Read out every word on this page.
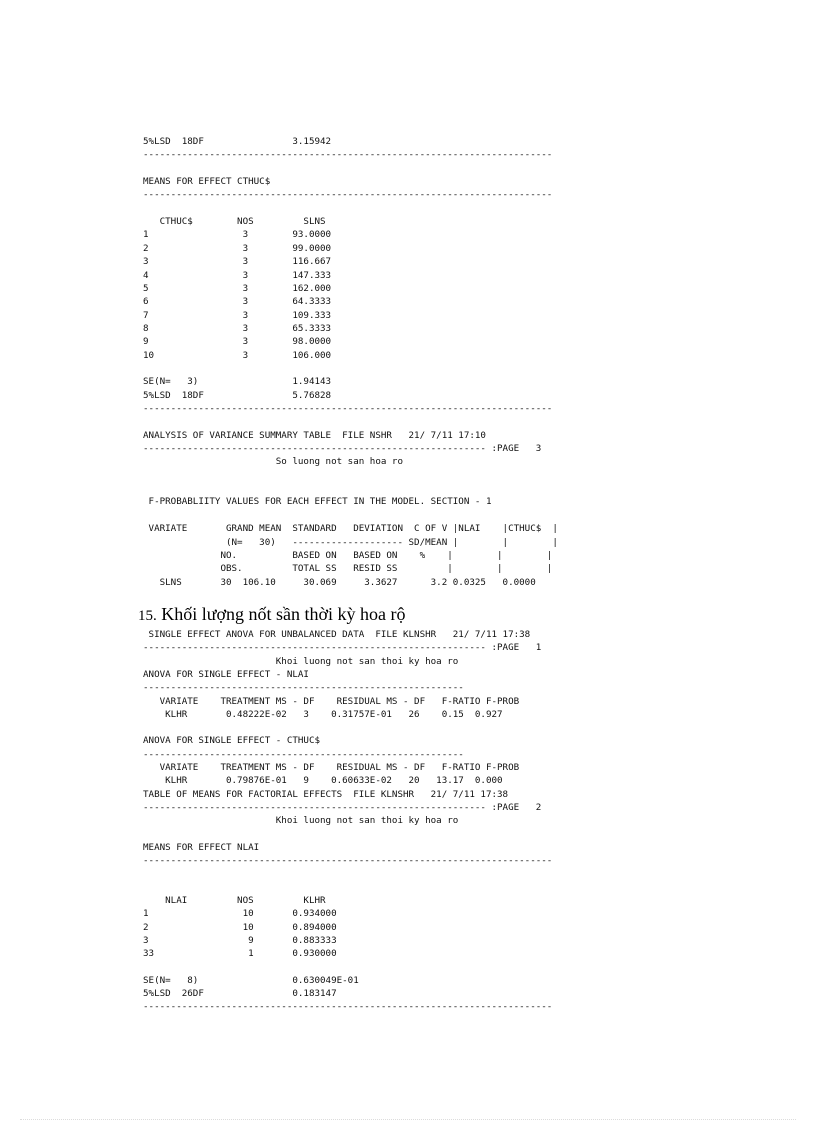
15. Khối lượng nốt sần thời kỳ hoa rộ
5%LSD  18DF                3.15942
--------------------------------------------------------------------------
MEANS FOR EFFECT CTHUC$
--------------------------------------------------------------------------
CTHUC$        NOS         SLNS
1                 3        93.0000
2                 3        99.0000
3                 3        116.667
4                 3        147.333
5                 3        162.000
6                 3        64.3333
7                 3        109.333
8                 3        65.3333
9                 3        98.0000
10                3        106.000
SE(N=   3)                 1.94143
5%LSD  18DF                5.76828
--------------------------------------------------------------------------
ANALYSIS OF VARIANCE SUMMARY TABLE  FILE NSHR   21/ 7/11 17:10
-------------------------------------------------------------- :PAGE   3
So luong not san hoa ro
F-PROBABLIITY VALUES FOR EACH EFFECT IN THE MODEL. SECTION - 1
VARIATE       GRAND MEAN  STANDARD   DEVIATION  C OF V |NLAI    |CTHUC$  |
(N=   30)   -------------------- SD/MEAN |        |        |
NO.          BASED ON   BASED ON    %    |        |        |
OBS.         TOTAL SS   RESID SS         |        |        |
SLNS       30  106.10     30.069     3.3627      3.2 0.0325   0.0000
SINGLE EFFECT ANOVA FOR UNBALANCED DATA  FILE KLNSHR   21/ 7/11 17:38
-------------------------------------------------------------- :PAGE   1
Khoi luong not san thoi ky hoa ro
ANOVA FOR SINGLE EFFECT - NLAI
----------------------------------------------------------
VARIATE    TREATMENT MS - DF    RESIDUAL MS - DF   F-RATIO F-PROB
KLHR       0.48222E-02   3    0.31757E-01   26    0.15  0.927
ANOVA FOR SINGLE EFFECT - CTHUC$
----------------------------------------------------------
VARIATE    TREATMENT MS - DF    RESIDUAL MS - DF   F-RATIO F-PROB
KLHR       0.79876E-01   9    0.60633E-02   20   13.17  0.000
TABLE OF MEANS FOR FACTORIAL EFFECTS  FILE KLNSHR   21/ 7/11 17:38
-------------------------------------------------------------- :PAGE   2
Khoi luong not san thoi ky hoa ro
MEANS FOR EFFECT NLAI
--------------------------------------------------------------------------
NLAI         NOS         KLHR
1                 10       0.934000
2                 10       0.894000
3                  9       0.883333
33                 1       0.930000
SE(N=   8)                 0.630049E-01
5%LSD  26DF                0.183147
--------------------------------------------------------------------------
